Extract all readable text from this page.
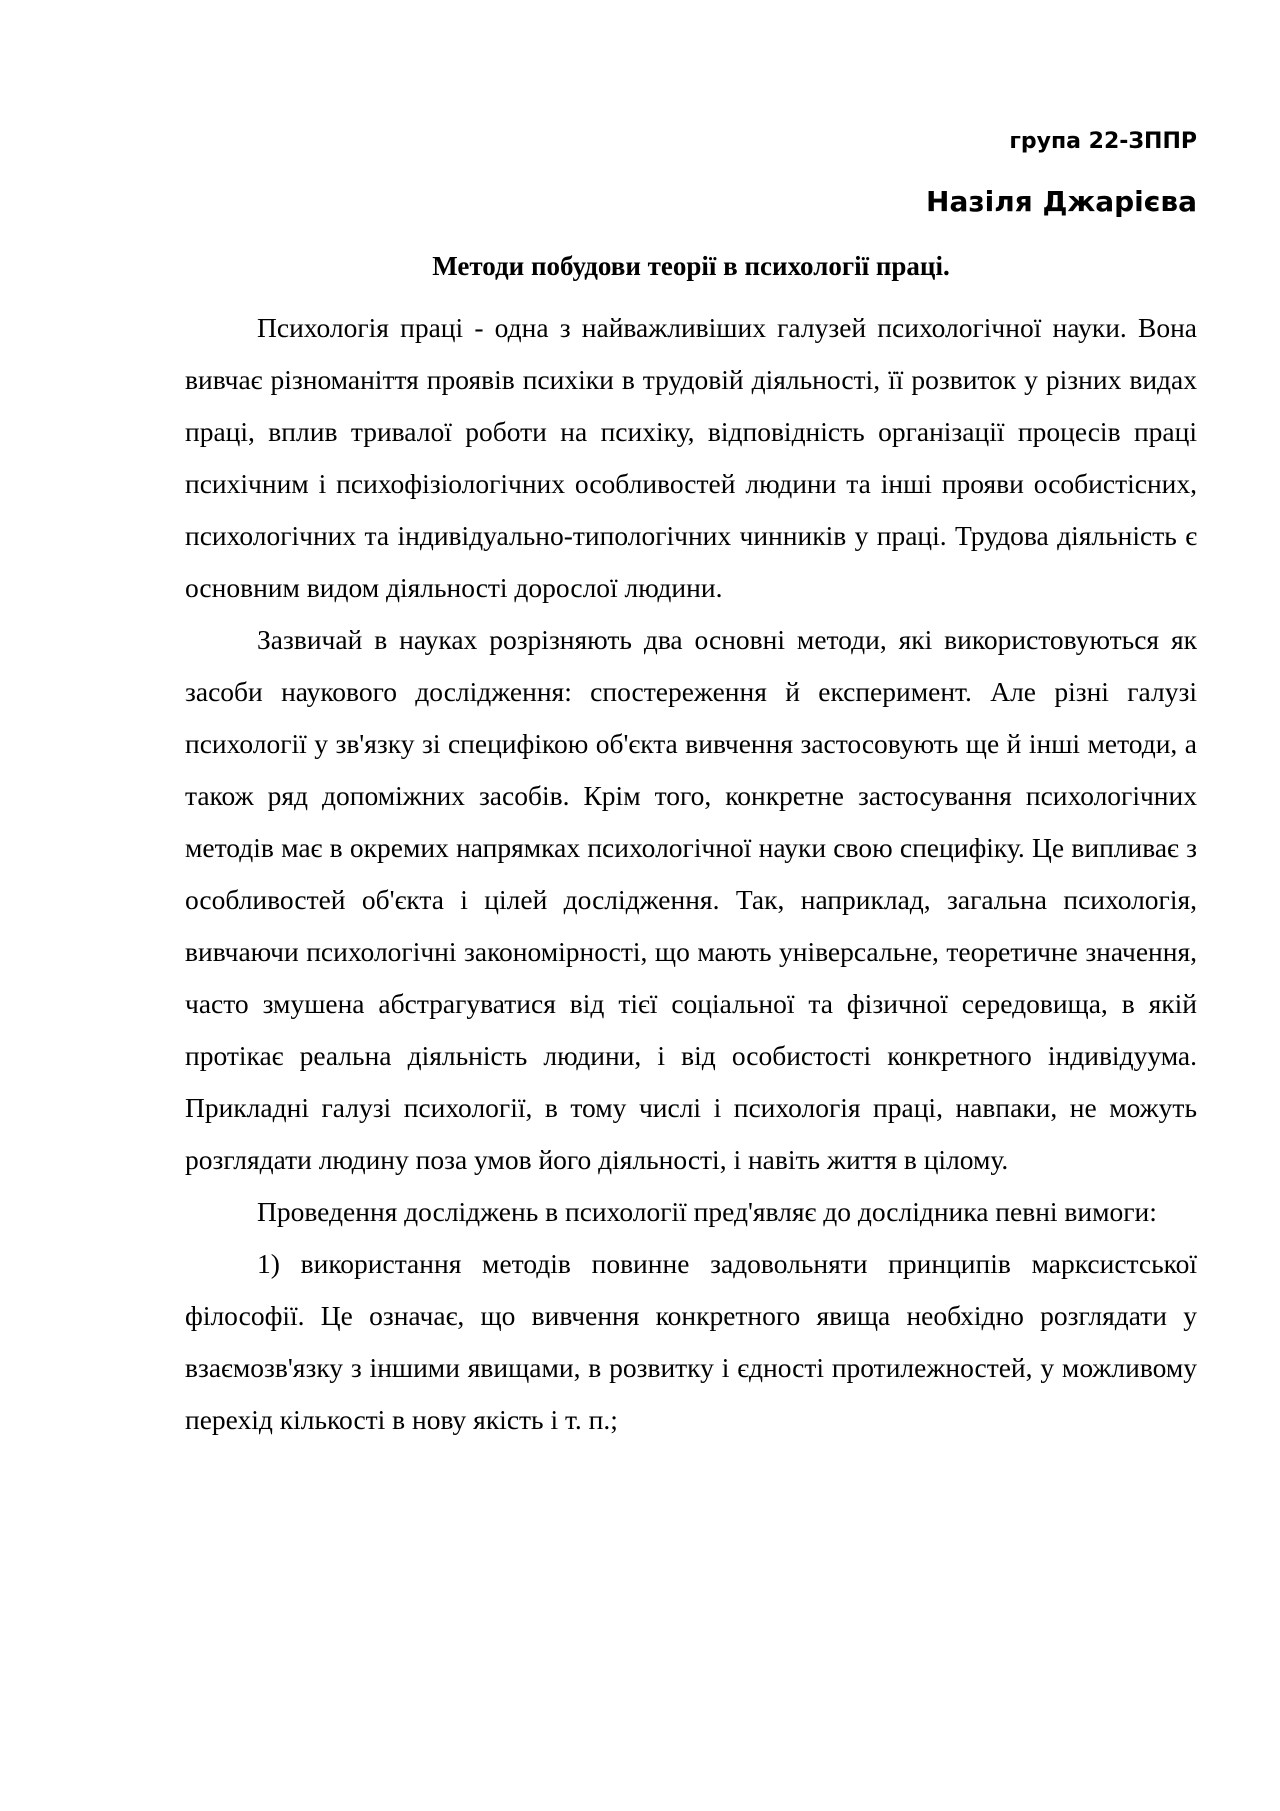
група 22-ЗППР

Назіля Джарієва

Методи побудови теорії в психології праці.

Психологія праці - одна з найважливіших галузей психологічної науки. Вона вивчає різноманіття проявів психіки в трудовій діяльності, її розвиток у різних видах праці, вплив тривалої роботи на психіку, відповідність організації процесів праці психічним і психофізіологічних особливостей людини та інші прояви особистісних, психологічних та індивідуально-типологічних чинників у праці. Трудова діяльність є основним видом діяльності дорослої людини.

Зазвичай в науках розрізняють два основні методи, які використовуються як засоби наукового дослідження: спостереження й експеримент. Але різні галузі психології у зв'язку зі специфікою об'єкта вивчення застосовують ще й інші методи, а також ряд допоміжних засобів. Крім того, конкретне застосування психологічних методів має в окремих напрямках психологічної науки свою специфіку. Це випливає з особливостей об'єкта і цілей дослідження. Так, наприклад, загальна психологія, вивчаючи психологічні закономірності, що мають універсальне, теоретичне значення, часто змушена абстрагуватися від тієї соціальної та фізичної середовища, в якій протікає реальна діяльність людини, і від особистості конкретного індивідуума. Прикладні галузі психології, в тому числі і психологія праці, навпаки, не можуть розглядати людину поза умов його діяльності, і навіть життя в цілому.

Проведення досліджень в психології пред'являє до дослідника певні вимоги:

1) використання методів повинне задовольняти принципів марксистської філософії. Це означає, що вивчення конкретного явища необхідно розглядати у взаємозв'язку з іншими явищами, в розвитку і єдності протилежностей, у можливому перехід кількості в нову якість і т. п.;
